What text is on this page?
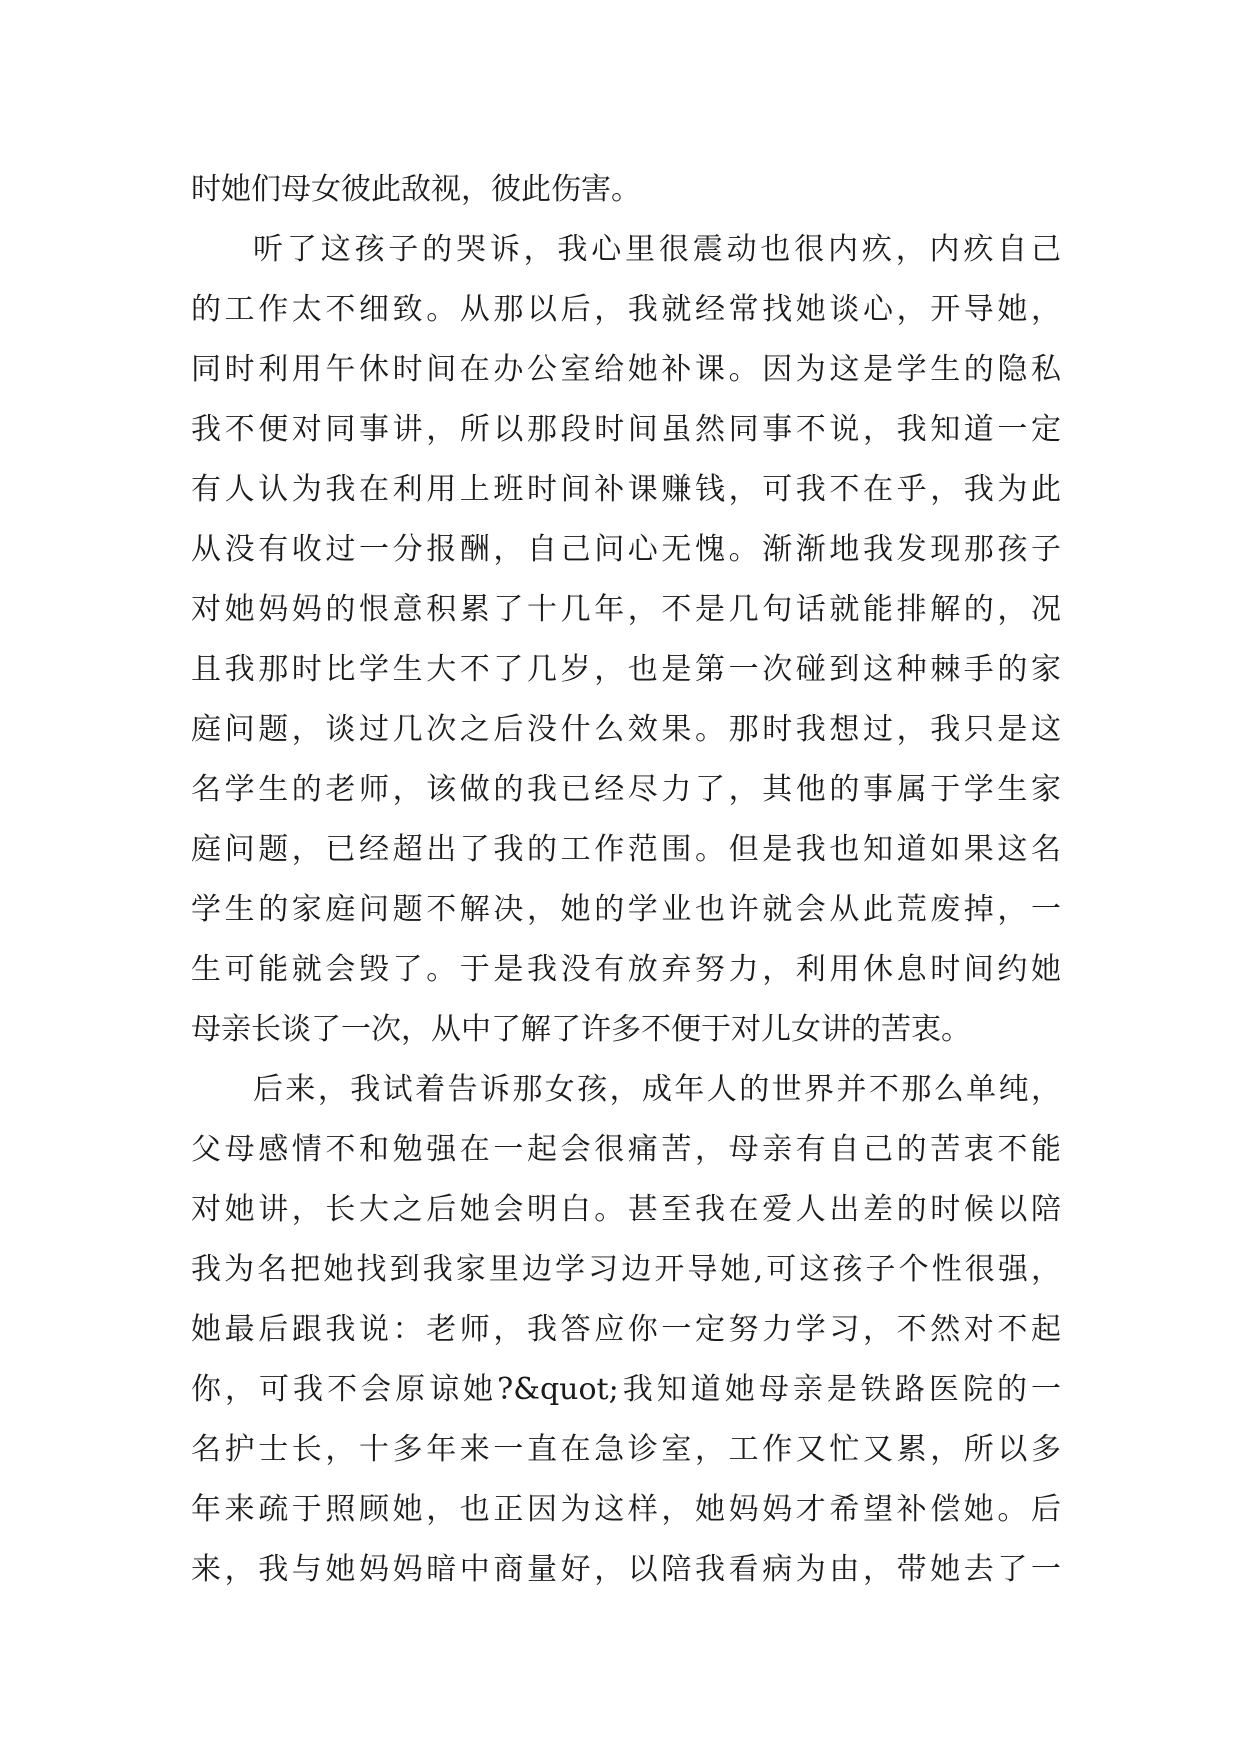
时她们母女彼此敌视，彼此伤害。
听了这孩子的哭诉，我心里很震动也很内疚，内疚自己
的工作太不细致。从那以后，我就经常找她谈心，开导她，
同时利用午休时间在办公室给她补课。因为这是学生的隐私
我不便对同事讲，所以那段时间虽然同事不说，我知道一定
有人认为我在利用上班时间补课赚钱，可我不在乎，我为此
从没有收过一分报酬，自己问心无愧。渐渐地我发现那孩子
对她妈妈的恨意积累了十几年，不是几句话就能排解的，况
且我那时比学生大不了几岁，也是第一次碰到这种棘手的家
庭问题，谈过几次之后没什么效果。那时我想过，我只是这
名学生的老师，该做的我已经尽力了，其他的事属于学生家
庭问题，已经超出了我的工作范围。但是我也知道如果这名
学生的家庭问题不解决，她的学业也许就会从此荒废掉，一
生可能就会毁了。于是我没有放弃努力，利用休息时间约她
母亲长谈了一次，从中了解了许多不便于对儿女讲的苦衷。
后来，我试着告诉那女孩，成年人的世界并不那么单纯，
父母感情不和勉强在一起会很痛苦，母亲有自己的苦衷不能
对她讲，长大之后她会明白。甚至我在爱人出差的时候以陪
我为名把她找到我家里边学习边开导她,可这孩子个性很强，
她最后跟我说：老师，我答应你一定努力学习，不然对不起
你，可我不会原谅她?&quot;我知道她母亲是铁路医院的一
名护士长，十多年来一直在急诊室，工作又忙又累，所以多
年来疏于照顾她，也正因为这样，她妈妈才希望补偿她。后
来，我与她妈妈暗中商量好，以陪我看病为由，带她去了一
